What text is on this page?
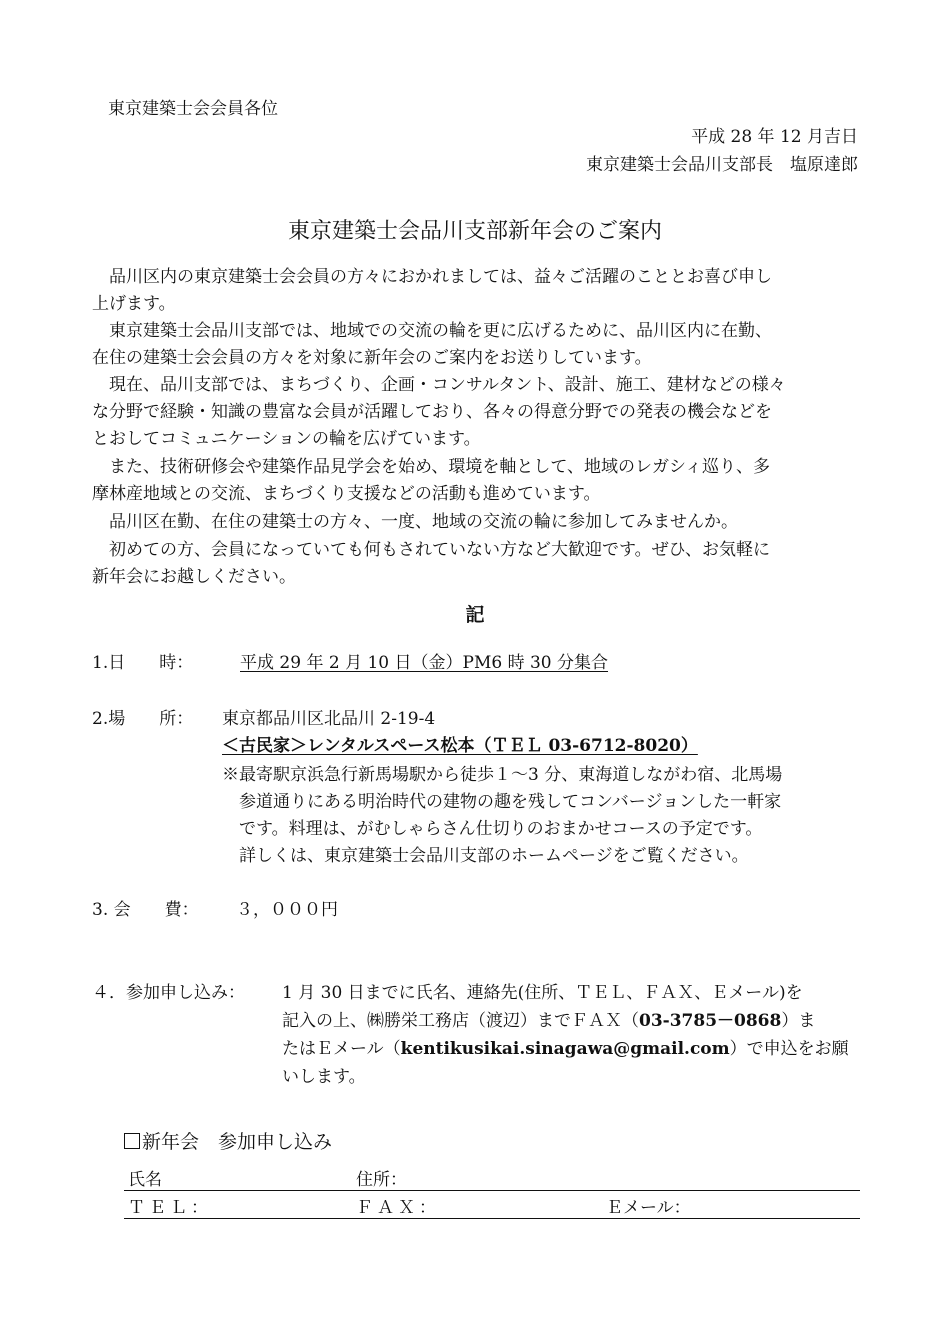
東京建築士会会員各位
平成 28 年 12 月吉日
東京建築士会品川支部長　塩原達郎
東京建築士会品川支部新年会のご案内
　品川区内の東京建築士会会員の方々におかれましては、益々ご活躍のこととお喜び申し
上げます。
　東京建築士会品川支部では、地域での交流の輪を更に広げるために、品川区内に在勤、
在住の建築士会会員の方々を対象に新年会のご案内をお送りしています。
　現在、品川支部では、まちづくり、企画・コンサルタント、設計、施工、建材などの様々
な分野で経験・知識の豊富な会員が活躍しており、各々の得意分野での発表の機会などを
とおしてコミュニケーションの輪を広げています。
　また、技術研修会や建築作品見学会を始め、環境を軸として、地域のレガシィ巡り、多
摩林産地域との交流、まちづくり支援などの活動も進めています。
　品川区在勤、在住の建築士の方々、一度、地域の交流の輪に参加してみませんか。
　初めての方、会員になっていても何もされていない方など大歓迎です。ぜひ、お気軽に
新年会にお越しください。
記
1.日　　時：	平成 29 年 2 月 10 日（金）PM6 時 30 分集合
2.場　　所： 東京都品川区北品川 2-19-4
＜古民家＞レンタルスペース松本（ＴＥＬ 03-6712-8020）
※最寄駅京浜急行新馬場駅から徒歩１～3 分、東海道しながわ宿、北馬場
　参道通りにある明治時代の建物の趣を残してコンバージョンした一軒家
　です。料理は、がむしゃらさん仕切りのおまかせコースの予定です。
　詳しくは、東京建築士会品川支部のホームページをご覧ください。
3. 会　　費： ３，０００円
４．参加申し込み： 1 月 30 日までに氏名、連絡先(住所、ＴＥＬ、ＦＡＸ、Ｅメール)を
記入の上、㈱勝栄工務店（渡辺）までＦＡＸ（03-3785－0868）ま
たはＥメール（kentikusikai.sinagawa@gmail.com）で申込をお願
いします。
新年会　参加申し込み
氏名	住所：
ＴＥＬ：	ＦＡＸ：	Ｅメール：
